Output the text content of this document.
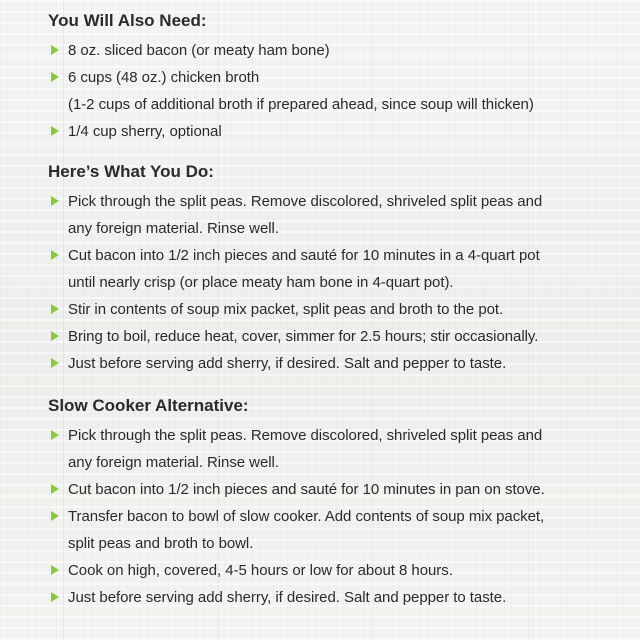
You Will Also Need:
8 oz. sliced bacon (or meaty ham bone)
6 cups (48 oz.) chicken broth
(1-2 cups of additional broth if prepared ahead, since soup will thicken)
1/4 cup sherry, optional
Here’s What You Do:
Pick through the split peas. Remove discolored, shriveled split peas and
any foreign material. Rinse well.
Cut bacon into 1/2 inch pieces and sauté for 10 minutes in a 4-quart pot
until nearly crisp (or place meaty ham bone in 4-quart pot).
Stir in contents of soup mix packet, split peas and broth to the pot.
Bring to boil, reduce heat, cover, simmer for 2.5 hours; stir occasionally.
Just before serving add sherry, if desired. Salt and pepper to taste.
Slow Cooker Alternative:
Pick through the split peas. Remove discolored, shriveled split peas and
any foreign material. Rinse well.
Cut bacon into 1/2 inch pieces and sauté for 10 minutes in pan on stove.
Transfer bacon to bowl of slow cooker. Add contents of soup mix packet,
split peas and broth to bowl.
Cook on high, covered, 4-5 hours or low for about 8 hours.
Just before serving add sherry, if desired. Salt and pepper to taste.
